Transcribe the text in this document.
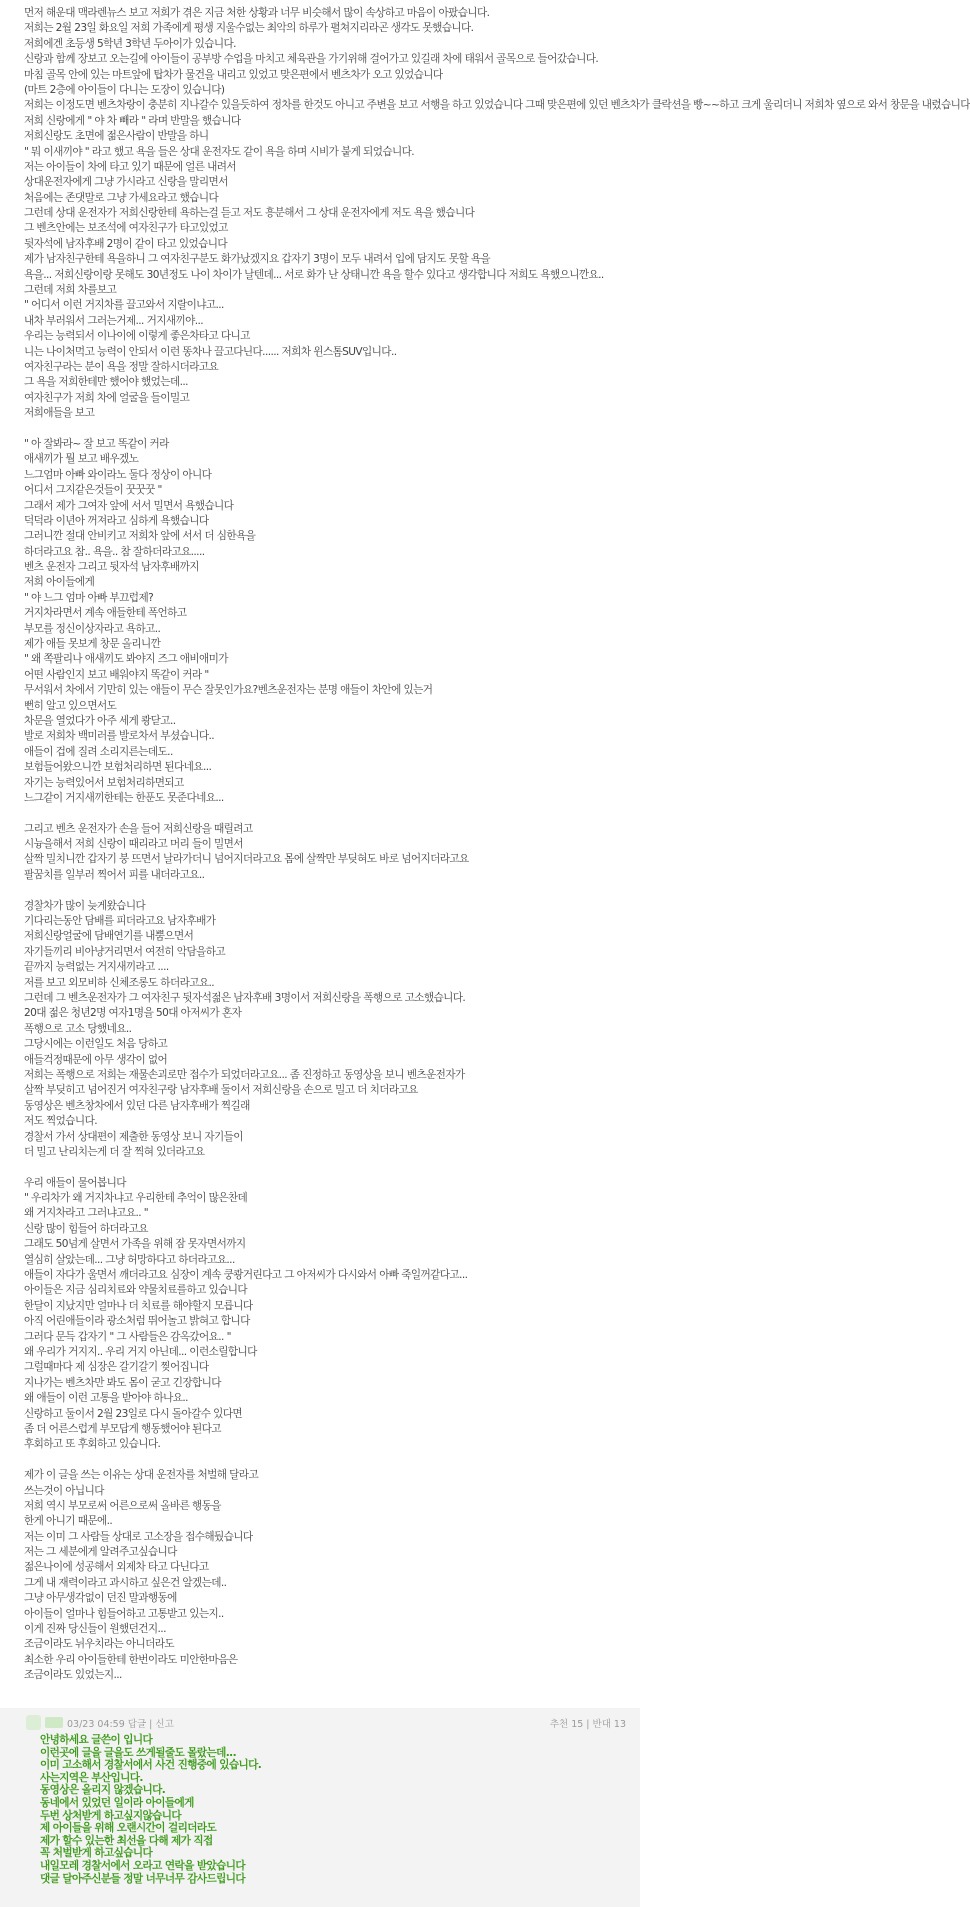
먼저 해운대 맥라렌뉴스 보고 저희가 겪은 지금 처한 상황과 너무 비슷해서 많이 속상하고 마음이 아팠습니다.
저희는 2월 23일 화요일 저희 가족에게 평생 지울수없는 최악의 하루가 펼쳐지리라곤 생각도 못했습니다.
저희에겐 초등생 5학년 3학년 두아이가 있습니다.
신랑과 함께 장보고 오는길에 아이들이 공부방 수업을 마치고 체육관을 가기위해 걸어가고 있길래 차에 태워서 골목으로 들어갔습니다.
마침 골목 안에 있는 마트앞에 탑차가 물건을 내리고 있었고 맞은편에서 벤츠차가 오고 있었습니다
(마트 2층에 아이들이 다니는 도장이 있습니다)
저희는 이정도면 벤츠차랑이 충분히 지나갈수 있을듯하여 정차를 한것도 아니고 주변을 보고 서행을 하고 있었습니다 그때 맞은편에 있던 벤츠차가 클락션을 빵~~하고 크게 울리더니 저희차 옆으로 와서 창문을 내렸습니다
저희 신랑에게 " 야 차 빼라 " 라며 반말을 했습니다
저희신랑도 초면에 젊은사람이 반말을 하니
" 뭐 이새끼야 " 라고 했고 욕을 들은 상대 운전자도 같이 욕을 하며 시비가 붙게 되었습니다.
저는 아이들이 차에 타고 있기 때문에 얼른 내려서
상대운전자에게 그냥 가시라고 신랑을 말리면서
처음에는 존댓말로 그냥 가세요라고 했습니다
그런데 상대 운전자가 저희신랑한테 욕하는걸 듣고 저도 흥분해서 그 상대 운전자에게 저도 욕을 했습니다
그 벤츠안에는 보조석에 여자친구가 타고있었고
뒷자석에 남자후배 2명이 같이 타고 있었습니다
제가 남자친구한테 욕을하니 그 여자친구분도 화가났겠지요 갑자기 3명이 모두 내려서 입에 담지도 못할 욕을
욕을... 저희신랑이랑 못해도 30년정도 나이 차이가 날텐데... 서로 화가 난 상태니깐 욕을 할수 있다고 생각합니다 저희도 욕했으니깐요..
그런데 저희 차를보고
" 어디서 이런 거지차를 끌고와서 지랄이냐고...
내차 부러워서 그러는거제... 거지새끼야...
우리는 능력되서 이나이에 이렇게 좋은차타고 다니고
니는 나이처먹고 능력이 안되서 이런 똥차나 끌고다닌다...... 저희차 윈스톰SUV입니다..
여자친구라는 분이 욕을 정말 잘하시더라고요
그 욕을 저희한테만 했어야 했었는데...
여자친구가 저희 차에 얼굴을 들이밀고
저희애들을 보고
" 아 잘봐라~ 잘 보고 똑같이 커라
애새끼가 뭘 보고 배우겠노
느그엄마 아빠 와이라노 둘다 정상이 아니다
어디서 그지같은것들이 꿋꿋꿋 "
그래서 제가 그여자 앞에 서서 밀면서 욕했습니다
덕덕라 이년아 꺼져라고 심하게 욕했습니다
그러니깐 절대 안비키고 저희차 앞에 서서 더 심한욕을
하더라고요 참.. 욕을.. 참 잘하더라고요.....
벤츠 운전자 그리고 뒷자석 남자후배까지
저희 아이들에게
" 야 느그 엄마 아빠 부끄럽제?
거지차라면서 계속 애들한테 폭언하고
부모를 정신이상자라고 욕하고..
제가 애들 못보게 창문 올리니깐
" 왜 쪽팔리나 애새끼도 봐야지 즈그 애비애미가
어떤 사람인지 보고 배워야지 똑같이 커라 "
무서워서 차에서 기만히 있는 애들이 무슨 잘못인가요?벤츠운전자는 분명 애들이 차안에 있는거
뻔히 알고 있으면서도
차문을 열었다가 아주 세게 쾅닫고..
발로 저희차 백미러를 발로차서 부셨습니다..
애들이 겁에 질려 소리지른는데도..
보험들어왔으니깐 보험처리하면 된다네요...
자기는 능력있어서 보험처리하면되고
느그같이 거지새끼한테는 한푼도 못준다네요...
그리고 벤츠 운전자가 손을 들어 저희신랑을 때릴려고
시늉을해서 저희 신랑이 때리라고 머리 들이 밀면서
살짝 밀치니깐 갑자기 붕 뜨면서 날라가더니 넘어지더라고요 몸에 살짝만 부딪혀도 바로 넘어지더라고요
팔꿈치를 일부러 찍어서 피를 내더라고요..
경찰차가 많이 늦게왔습니다
기다리는동안 담배를 피더라고요 남자후배가
저희신랑얼굴에 담배연기를 내뿜으면서
자기들끼리 비아냥거리면서 여전히 악담을하고
끝까지 능력없는 거지새끼라고 ....
저를 보고 외모비하 신체조롱도 하더라고요..
그런데 그 벤츠운전자가 그 여자친구 뒷자석젊은 남자후배 3명이서 저희신랑을 폭행으로 고소했습니다.
20대 젊은 청년2명 여자1명을 50대 아저씨가 혼자
폭행으로 고소 당했네요..
그당시에는 이런일도 처음 당하고
애들걱정때문에 아무 생각이 없어
저희는 폭행으로 저희는 재물손괴로만 접수가 되었더라고요... 좀 진정하고 동영상을 보니 벤츠운전자가
살짝 부딪히고 넘어진거 여자친구랑 남자후배 둘이서 저희신랑을 손으로 밀고 더 치더라고요
동영상은 벤츠창차에서 있던 다른 남자후배가 찍길래
저도 찍었습니다.
경찰서 가서 상대편이 제출한 동영상 보니 자기들이
더 밀고 난리치는게 더 잘 찍혀 있더라고요
우리 애들이 물어봅니다
" 우리차가 왜 거지차냐고 우리한테 추억이 많은찬데
왜 거지차라고 그러냐고요.. "
신랑 많이 힘들어 하더라고요
그래도 50넘게 살면서 가족을 위해 잠 못자면서까지
열심히 살았는데... 그냥 허망하다고 하더라고요...
애들이 자다가 울면서 깨더라고요 심장이 계속 쿵쾅거린다고 그 아저씨가 다시와서 아빠 죽일꺼같다고...
아이들은 지금 심리치료와 약물치료를하고 있습니다
한달이 지났지만 얼마나 더 치료를 해야할지 모릅니다
아직 어린애들이라 광소처럼 뛰어놀고 밝혀고 합니다
그러다 문득 갑자기 " 그 사람들은 감옥갔어요.. "
왜 우리가 거지지.. 우리 거지 아닌데... 이런소릴합니다
그럴때마다 제 심장은 갈기갈기 찢어집니다
지나가는 벤츠차만 봐도 몸이 굳고 긴장합니다
왜 애들이 이런 고통을 받아야 하나요..
신랑하고 둘이서 2월 23일로 다시 돌아갈수 있다면
좀 더 어른스럽게 부모답게 행동했어야 된다고
후회하고 또 후회하고 있습니다.
제가 이 글을 쓰는 이유는 상대 운전자를 처벌해 달라고
쓰는것이 아닙니다
저희 역시 부모로써 어른으로써 올바른 행동을
한게 아니기 때문에..
저는 이미 그 사람들 상대로 고소장을 접수해뒀습니다
저는 그 세분에게 알려주고싶습니다
젊은나이에 성공해서 외제차 타고 다닌다고
그게 내 재력이라고 과시하고 싶은건 알겠는데..
그냥 아무생각없이 던진 말과행동에
아이들이 얼마나 힘들어하고 고통받고 있는지..
이게 진짜 당신들이 원했던건지...
조금이라도 뉘우치라는 아니더라도
최소한 우리 아이들한테 한번이라도 미안한마음은
조금이라도 있었는지...
03/23 04:59 답글 | 신고	추천 15 | 반대 13
안녕하세요 글쓴이 입니다
이런곳에 글을 글을도 쓰게될줄도 몰랐는데...
이미 고소해서 경찰서에서 사건 진행중에 있습니다.
사는지역은 부산입니다.
동영상은 올리지 않겠습니다.
동네에서 있었던 일이라 아이들에게
두번 상처받게 하고싶지않습니다
제 아이들을 위해 오랜시간이 걸리더라도
제가 할수 있는한 최선을 다해 제가 직접
꼭 처벌받게 하고싶습니다
내일모레 경찰서에서 오라고 연락을 받았습니다
댓글 달아주신분들 정말 너무너무 감사드립니다
